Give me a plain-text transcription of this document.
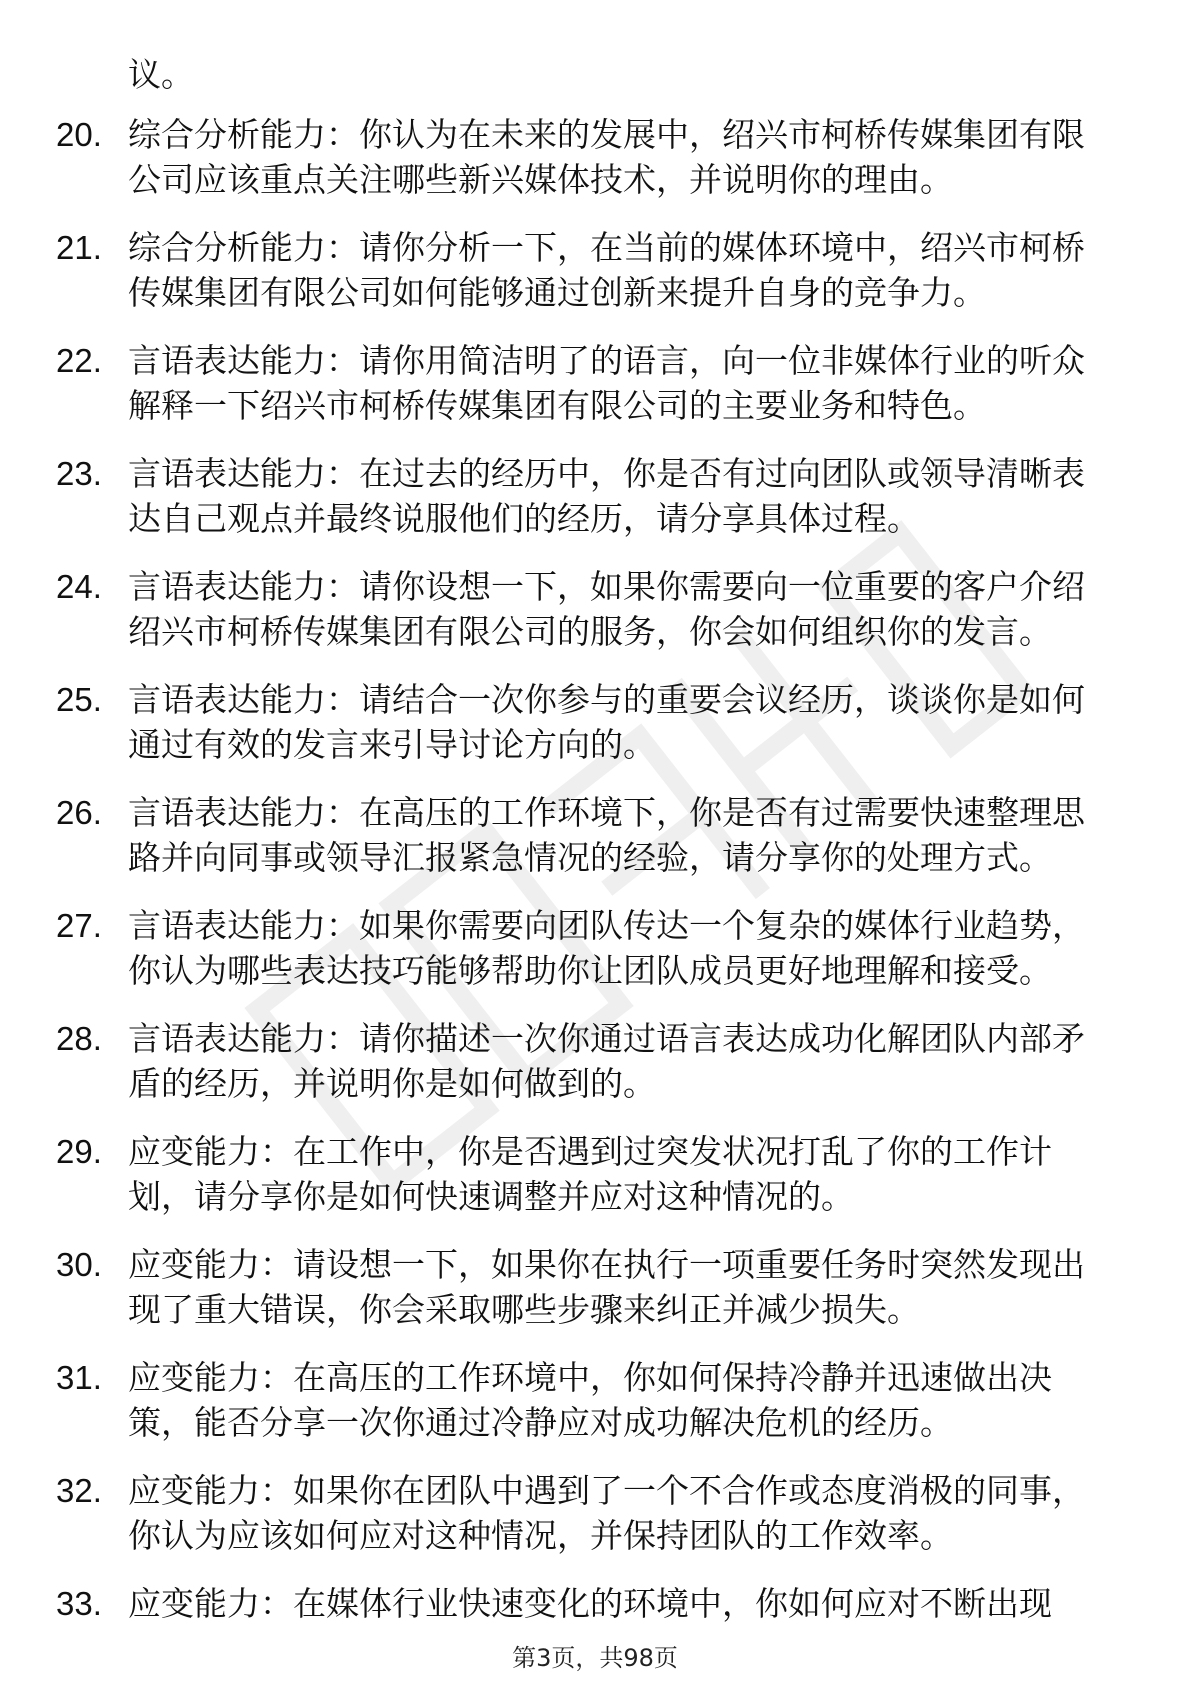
议。
20. 综合分析能力：你认为在未来的发展中，绍兴市柯桥传媒集团有限公司应该重点关注哪些新兴媒体技术，并说明你的理由。
21. 综合分析能力：请你分析一下，在当前的媒体环境中，绍兴市柯桥传媒集团有限公司如何能够通过创新来提升自身的竞争力。
22. 言语表达能力：请你用简洁明了的语言，向一位非媒体行业的听众解释一下绍兴市柯桥传媒集团有限公司的主要业务和特色。
23. 言语表达能力：在过去的经历中，你是否有过向团队或领导清晰表达自己观点并最终说服他们的经历，请分享具体过程。
24. 言语表达能力：请你设想一下，如果你需要向一位重要的客户介绍绍兴市柯桥传媒集团有限公司的服务，你会如何组织你的发言。
25. 言语表达能力：请结合一次你参与的重要会议经历，谈谈你是如何通过有效的发言来引导讨论方向的。
26. 言语表达能力：在高压的工作环境下，你是否有过需要快速整理思路并向同事或领导汇报紧急情况的经验，请分享你的处理方式。
27. 言语表达能力：如果你需要向团队传达一个复杂的媒体行业趋势，你认为哪些表达技巧能够帮助你让团队成员更好地理解和接受。
28. 言语表达能力：请你描述一次你通过语言表达成功化解团队内部矛盾的经历，并说明你是如何做到的。
29. 应变能力：在工作中，你是否遇到过突发状况打乱了你的工作计划，请分享你是如何快速调整并应对这种情况的。
30. 应变能力：请设想一下，如果你在执行一项重要任务时突然发现出现了重大错误，你会采取哪些步骤来纠正并减少损失。
31. 应变能力：在高压的工作环境中，你如何保持冷静并迅速做出决策，能否分享一次你通过冷静应对成功解决危机的经历。
32. 应变能力：如果你在团队中遇到了一个不合作或态度消极的同事，你认为应该如何应对这种情况，并保持团队的工作效率。
33. 应变能力：在媒体行业快速变化的环境中，你如何应对不断出现
第3页，共98页
